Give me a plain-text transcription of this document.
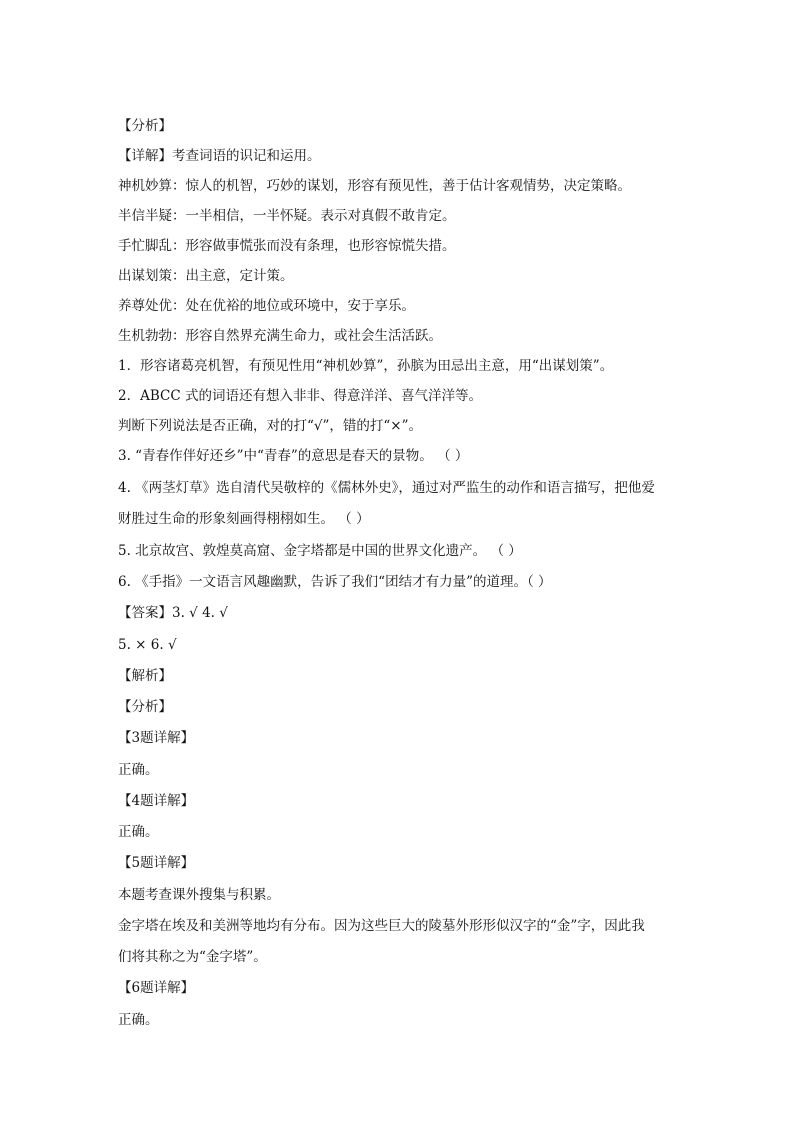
【分析】
【详解】考查词语的识记和运用。
神机妙算：惊人的机智，巧妙的谋划，形容有预见性，善于估计客观情势，决定策略。
半信半疑：一半相信，一半怀疑。表示对真假不敢肯定。
手忙脚乱：形容做事慌张而没有条理，也形容惊慌失措。
出谋划策：出主意，定计策。
养尊处优：处在优裕的地位或环境中，安于享乐。
生机勃勃：形容自然界充满生命力，或社会生活活跃。
1．形容诸葛亮机智，有预见性用“神机妙算”，孙膑为田忌出主意，用“出谋划策”。
2．ABCC 式的词语还有想入非非、得意洋洋、喜气洋洋等。
判断下列说法是否正确，对的打“√”，错的打“×”。
3. “青春作伴好还乡”中“青春”的意思是春天的景物。 （ ）
4. 《两茎灯草》选自清代吴敬梓的《儒林外史》，通过对严监生的动作和语言描写，把他爱
财胜过生命的形象刻画得栩栩如生。 （ ）
5. 北京故宫、敦煌莫高窟、金字塔都是中国的世界文化遗产。 （ ）
6. 《手指》一文语言风趣幽默，告诉了我们“团结才有力量”的道理。（ ）
【答案】3. √ 4. √
5. × 6. √
【解析】
【分析】
【3题详解】
正确。
【4题详解】
正确。
【5题详解】
本题考查课外搜集与积累。
金字塔在埃及和美洲等地均有分布。因为这些巨大的陵墓外形形似汉字的“金”字，因此我
们将其称之为“金字塔”。
【6题详解】
正确。
